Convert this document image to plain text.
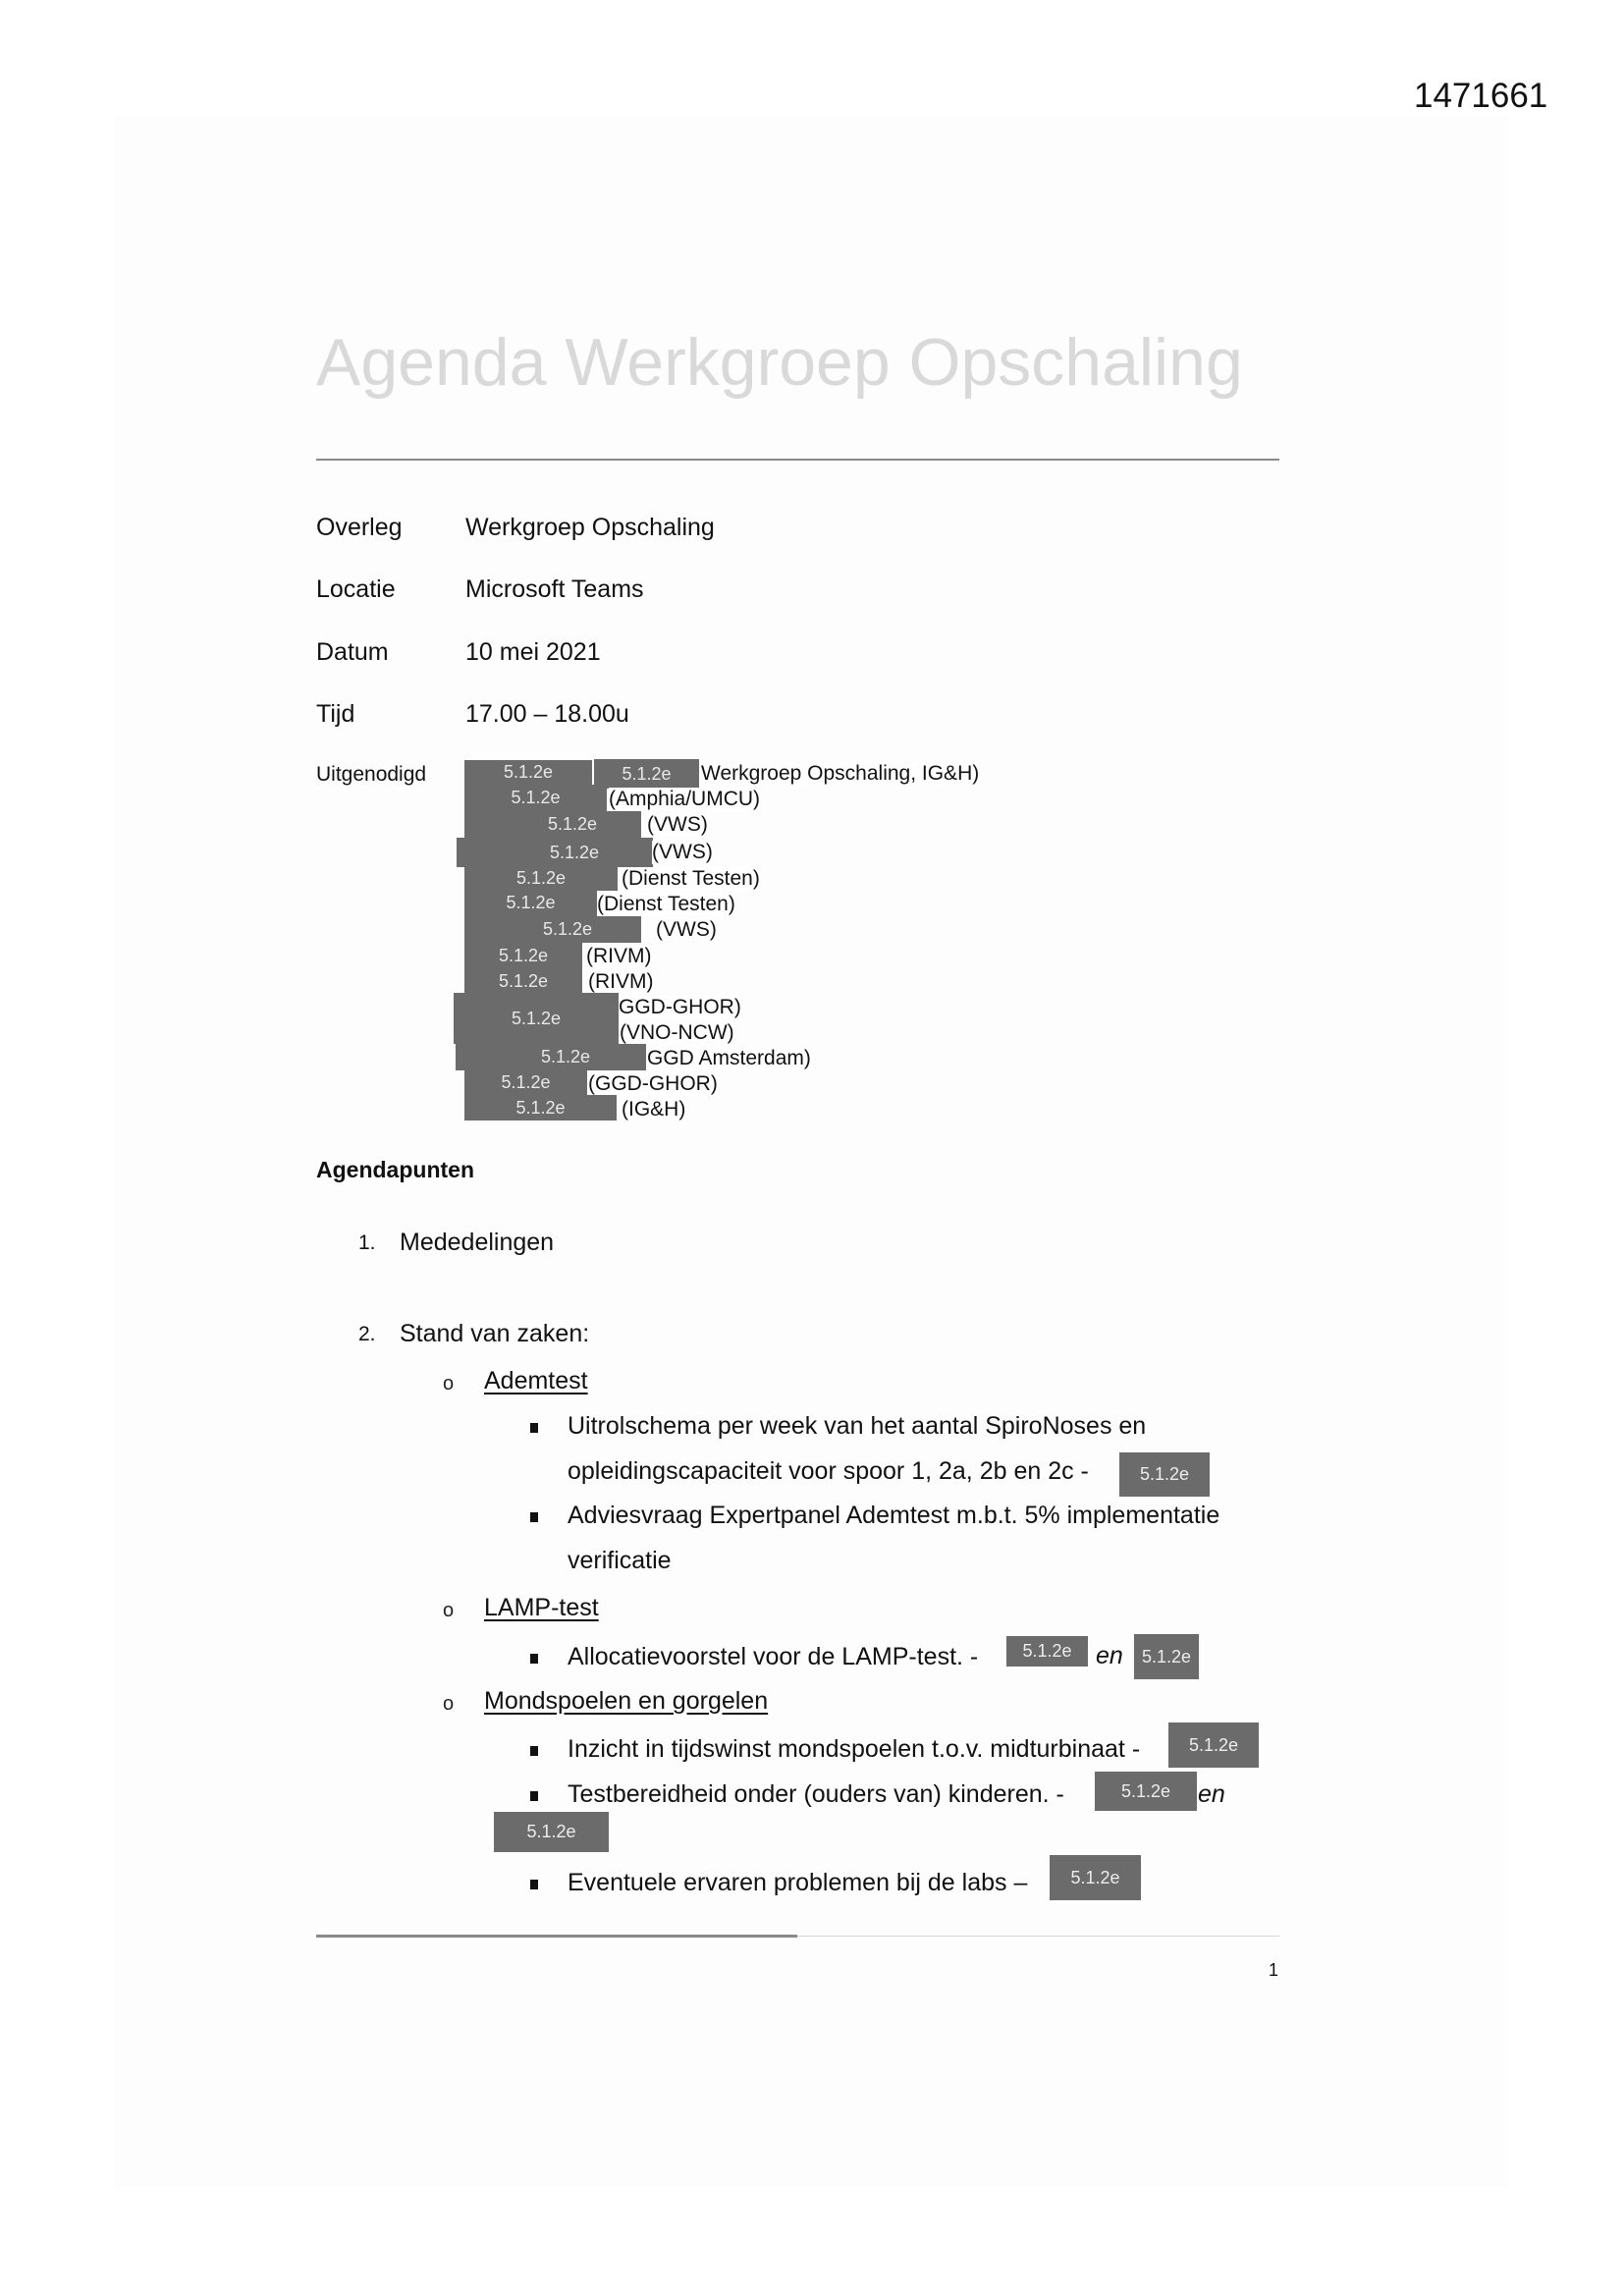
1471661
Agenda Werkgroep Opschaling
Overleg	Werkgroep Opschaling
Locatie	Microsoft Teams
Datum	10 mei 2021
Tijd	17.00 – 18.00u
Uitgenodigd	5.1.2e	5.1.2e	Werkgroep Opschaling, IG&H)
5.1.2e	(Amphia/UMCU)
5.1.2e	(VWS)
5.1.2e	(VWS)
5.1.2e	(Dienst Testen)
5.1.2e	(Dienst Testen)
5.1.2e	(VWS)
5.1.2e	(RIVM)
5.1.2e	(RIVM)
5.1.2e	GGD-GHOR)
(VNO-NCW)
5.1.2e	GGD Amsterdam)
5.1.2e	(GGD-GHOR)
5.1.2e	(IG&H)
Agendapunten
1. Mededelingen
2. Stand van zaken:
o Ademtest
Uitrolschema per week van het aantal SpiroNoses en
opleidingscapaciteit voor spoor 1, 2a, 2b en 2c -	5.1.2e
Adviesvraag Expertpanel Ademtest m.b.t. 5% implementatie
verificatie
o LAMP-test
Allocatievoorstel voor de LAMP-test. -	5.1.2e en	5.1.2e
o Mondspoelen en gorgelen
Inzicht in tijdswinst mondspoelen t.o.v. midturbinaat -	5.1.2e
Testbereidheid onder (ouders van) kinderen. -	5.1.2e	en
5.1.2e
Eventuele ervaren problemen bij de labs –	5.1.2e
1
